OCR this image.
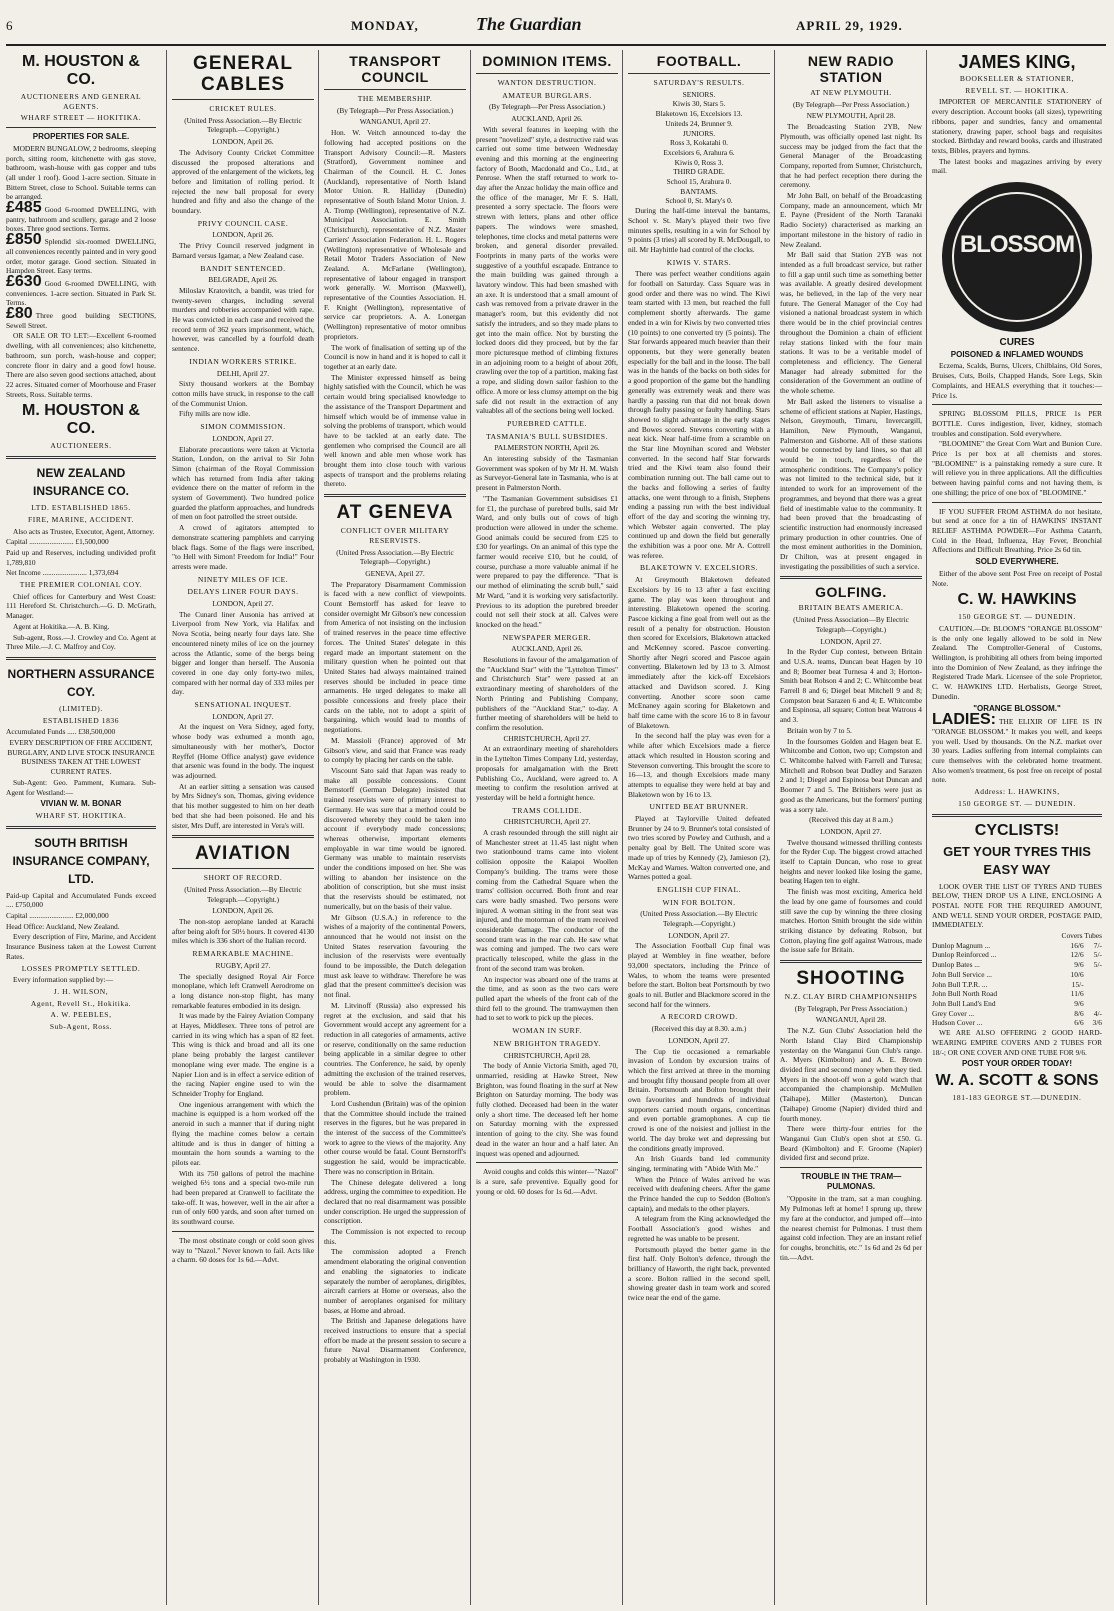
6	MONDAY,	The Guardian	APRIL 29, 1929.
M. HOUSTON & CO.
AUCTIONEERS AND GENERAL AGENTS.
WHARF STREET — HOKITIKA.
PROPERTIES FOR SALE.

MODERN BUNGALOW, 2 bedrooms, sleeping porch, sitting room, kitchenette with gas stove, bathroom, wash-house with gas copper and tubs (all under 1 roof). Good 1-acre section. Situate in Bittern Street, close to School. Suitable terms can be arranged.

£485 Good 6-roomed DWELLING, with pantry, bathroom and scullery, garage and 2 loose boxes. Three good sections. Terms.

£850 Splendid six-roomed DWELLING, all conveniences recently painted and in very good order, motor garage. Good section. Situated in Hampden Street. Easy terms.

£630 Good 6-roomed DWELLING, with conveniences. 1-acre section. Situated in Park St. Terms.

£80 Three good building SECTIONS, Sewell Street.

OR SALE OR TO LET:—Excellent 6-roomed dwelling, with all conveniences; also kitchenette, bathroom, sun porch, wash-house and copper; concrete floor in dairy and a good fowl house. There are also seven good sections attached, about 22 acres. Situated corner of Moorhouse and Fraser Streets, Ross. Suitable terms.

M. HOUSTON & CO.
AUCTIONEERS.
NEW ZEALAND INSURANCE CO.
LTD. ESTABLISHED 1865.
FIRE, MARINE, ACCIDENT.

Also acts as Trustee, Executor, Agent, Attorney.

Capital ........................ £1,500,000

Paid up and Reserves, including undivided profit 1,789,810

Net Income ........................ 1,373,694

THE PREMIER COLONIAL COY.

Chief offices for Canterbury and West Coast: 111 Hereford St. Christchurch.—G. D. McGrath, Manager.

Agent at Hokitika.—A. B. King.

Sub-agent, Ross.—J. Crowley and Co. Agent at Three Mile.—J. C. Malfroy and Coy.

NORTHERN ASSURANCE COY.
(LIMITED).
ESTABLISHED 1836

Accumulated Funds ..... £38,500,000

EVERY DESCRIPTION OF FIRE ACCIDENT, BURGLARY, AND LIVE STOCK INSURANCE BUSINESS TAKEN AT THE LOWEST CURRENT RATES.

Sub-Agent: Geo. Pamment, Kumara. Sub-Agent for Westland:—

VIVIAN W. M. BONAR
WHARF ST. HOKITIKA.
SOUTH BRITISH INSURANCE COMPANY, LTD.

Paid-up Capital and Accumulated Funds exceed .... £750,000

Capital ........................ £2,000,000

Head Office: Auckland, New Zealand.

Every description of Fire, Marine, and Accident Insurance Business taken at the Lowest Current Rates.

LOSSES PROMPTLY SETTLED.

Every information supplied by:—

J. H. WILSON,
Agent, Revell St., Hokitika.
A. W. PEEBLES,
Sub-Agent, Ross.
GENERAL CABLES
CRICKET RULES.
(United Press Association.—By Electric Telegraph.—Copyright.)
LONDON, April 26.

The Advisory County Cricket Committee discussed the proposed alterations and approved of the enlargement of the wickets, leg before and limitation of rolling period. It rejected the new ball proposal for every hundred and fifty and also the change of the boundary.

PRIVY COUNCIL CASE.
LONDON, April 26.

The Privy Council reserved judgment in Barnard versus Igamar, a New Zealand case.

BANDIT SENTENCED.
BELGRADE, April 26.

Miloslav Kratovitch, a bandit, was tried for twenty-seven charges, including several murders and robberies accompanied with rape. He was convicted in each case and received the record term of 362 years imprisonment, which, however, was cancelled by a fourfold death sentence.

INDIAN WORKERS STRIKE.
DELHI, April 27.

Sixty thousand workers at the Bombay cotton mills have struck, in response to the call of the Communist Union.

Fifty mills are now idle.

SIMON COMMISSION.
LONDON, April 27.

Elaborate precautions were taken at Victoria Station, London, on the arrival to Sir John Simon (chairman of the Royal Commission which has returned from India after taking evidence there on the matter of reform in the system of Government). Two hundred police guarded the platform approaches, and hundreds of men on foot patrolled the street outside.

A crowd of agitators attempted to demonstrate scattering pamphlets and carrying black flags. Some of the flags were inscribed, "to Hell with Simon! Freedom for India!" Four arrests were made.

NINETY MILES OF ICE.
DELAYS LINER FOUR DAYS.
LONDON, April 27.

The Cunard liner Ausonia has arrived at Liverpool from New York, via Halifax and Nova Scotia, being nearly four days late. She encountered ninety miles of ice on the journey across the Atlantic, some of the bergs being bigger and longer than herself. The Ausonia covered in one day only forty-two miles, compared with her normal day of 333 miles per day.

SENSATIONAL INQUEST.
LONDON, April 27.

At the inquest on Vera Sidney, aged forty, whose body was exhumed a month ago, simultaneously with her mother's, Doctor Reyffel (Home Office analyst) gave evidence that arsenic was found in the body. The inquest was adjourned.

At an earlier sitting a sensation was caused by Mrs Sidney's son, Thomas, giving evidence that his mother suggested to him on her death bed that she had been poisoned. He and his sister, Mrs Duff, are interested in Vera's will.

AVIATION
SHORT OF RECORD.
(United Press Association.—By Electric Telegraph.—Copyright.)
LONDON, April 26.

The non-stop aeroplane landed at Karachi after being aloft for 50½ hours. It covered 4130 miles which is 336 short of the Italian record.

REMARKABLE MACHINE.
RUGBY, April 27.

The specially designed Royal Air Force monoplane, which left Cranwell Aerodrome on a long distance non-stop flight, has many remarkable features embodied in its design.

It was made by the Fairey Aviation Company at Hayes, Middlesex. Three tons of petrol are carried in its wing which has a span of 82 feet. This wing is thick and broad and all its one plane being probably the largest cantilever monoplane wing ever made. The engine is a Napier Lion and is in effect a service edition of the racing Napier engine used to win the Schneider Trophy for England.

One ingenious arrangement with which the machine is equipped is a horn worked off the aneroid in such a manner that if during night flying the machine comes below a certain altitude and is thus in danger of hitting a mountain the horn sounds a warning to the pilots ear.

With its 750 gallons of petrol the machine weighed 6½ tons and a special two-mile run had been prepared at Cranwell to facilitate the take-off. It was, however, well in the air after a run of only 600 yards, and soon after turned on its southward course.

The most obstinate cough or cold soon gives way to "Nazol." Never known to fail. Acts like a charm. 60 doses for 1s 6d.—Advt.

TRANSPORT COUNCIL
THE MEMBERSHIP.
(By Telegraph—Per Press Association.)
WANGANUI, April 27.

Hon. W. Veitch announced to-day the following had accepted positions on the Transport Advisory Council:—R. Masters (Stratford), Government nominee and Chairman of the Council. H. C. Jones (Auckland), representative of North Island Motor Union. R. Halliday (Dunedin) representative of South Island Motor Union. J. A. Tromp (Wellington), representative of N.Z. Municipal Association. E. Smith (Christchurch), representative of N.Z. Master Carriers' Association Federation. H. L. Rogers (Wellington) representative of Wholesale and Retail Motor Traders Association of New Zealand. A. McFarlane (Wellington), representative of labour engaged in transport work generally. W. Morrison (Maxwell), representative of the Counties Association. H. F. Knight (Wellington), representative of service car proprietors. A. A. Lonergan (Wellington) representative of motor omnibus proprietors.

The work of finalisation of setting up of the Council is now in hand and it is hoped to call it together at an early date.

The Minister expressed himself as being highly satisfied with the Council, which he was certain would bring specialised knowledge to the assistance of the Transport Department and himself which would be of immense value in solving the problems of transport, which would have to be tackled at an early date. The gentlemen who comprised the Council are all well known and able men whose work has brought them into close touch with various aspects of transport and the problems relating thereto.

AT GENEVA
CONFLICT OVER MILITARY RESERVISTS.
(United Press Association.—By Electric Telegraph—Copyright.)
GENEVA, April 27.

The Preparatory Disarmament Commission is faced with a new conflict of viewpoints. Count Bernstorff has asked for leave to consider overnight Mr Gibson's new concession from America of not insisting on the inclusion of trained reserves in the peace time effective forces. The United States' delegate in this regard made an important statement on the military question when he pointed out that United States had always maintained trained reserves should be included in peace time armaments. He urged delegates to make all possible concessions and freely place their cards on the table, not to adopt a spirit of bargaining, which would lead to months of negotiations.

M. Massioli (France) approved of Mr Gibson's view, and said that France was ready to comply by placing her cards on the table.

Viscount Sato said that Japan was ready to make all possible concessions. Count Bernstorff (German Delegate) insisted that trained reservists were of primary interest to Germany. He was sure that a method could be discovered whereby they could be taken into account if everybody made concessions; whereas otherwise, important elements employable in war time would be ignored. Germany was unable to maintain reservists under the conditions imposed on her. She was willing to abandon her insistence on the abolition of conscription, but she must insist that the reservists should be estimated, not numerically, but on the basis of their value.

Mr Gibson (U.S.A.) in reference to the wishes of a majority of the continental Powers, announced that he would not insist on the United States reservation favouring the inclusion of the reservists were eventually found to be impossible, the Dutch delegation must ask leave to withdraw. Therefore he was glad that the present committee's decision was not final.

M. Litvinoff (Russia) also expressed his regret at the exclusion, and said that his Government would accept any agreement for a reduction in all categories of armaments, active or reserve, conditionally on the same reduction being applicable in a similar degree to other countries. The Conference, he said, by openly admitting the exclusion of the trained reserves, would be able to solve the disarmament problem.

Lord Cushendun (Britain) was of the opinion that the Committee should include the trained reserves in the figures, but he was prepared in the interest of the success of the Committee's work to agree to the views of the majority. Any other course would be fatal. Count Bernstorff's suggestion he said, would be impracticable. There was no conscription in Britain.

The Chinese delegate delivered a long address, urging the committee to expedition. He declared that no real disarmament was possible under conscription. He urged the suppression of conscription.

The Commission is not expected to recoup this.

The commission adopted a French amendment elaborating the original convention and enabling the signatories to indicate separately the number of aeroplanes, dirigibles, aircraft carriers at Home or overseas, also the number of aeroplanes organised for military bases, at Home and abroad.

The British and Japanese delegations have received instructions to ensure that a special effort be made at the present session to secure a future Naval Disarmament Conference, probably at Washington in 1930.

DOMINION ITEMS.
WANTON DESTRUCTION.
AMATEUR BURGLARS.
(By Telegraph—Per Press Association.)
AUCKLAND, April 26.

With several features in keeping with the present "novelized" style, a destructive raid was carried out some time between Wednesday evening and this morning at the engineering factory of Booth, Macdonald and Co., Ltd., at Penrose. When the staff returned to work to-day after the Anzac holiday the main office and the office of the manager, Mr F. S. Hall, presented a sorry spectacle. The floors were strewn with letters, plans and other office papers. The windows were smashed, telephones, time clocks and metal patterns were broken, and general disorder prevailed. Footprints in many parts of the works were suggestive of a youthful escapade. Entrance to the main building was gained through a lavatory window. This had been smashed with an axe. It is understood that a small amount of cash was removed from a private drawer in the manager's room, but this evidently did not satisfy the intruders, and so they made plans to get into the main office. Not by bursting the locked doors did they proceed, but by the far more picturesque method of climbing fixtures in an adjoining room to a height of about 20ft, crawling over the top of a partition, making fast a rope, and sliding down sailor fashion to the office. A more or less clumsy attempt on the big safe did not result in the extraction of any valuables all of the sections being well locked.

PUREBRED CATTLE.
TASMANIA'S BULL SUBSIDIES.
PALMERSTON NORTH, April 26.

An interesting subsidy of the Tasmanian Government was spoken of by Mr H. M. Walsh as Surveyor-General late in Tasmania, who is at present in Palmerston North.

"The Tasmanian Government subsidises £1 for £1, the purchase of purebred bulls, said Mr Ward, and only bulls out of cows of high production were allowed in under the scheme. Good animals could be secured from £25 to £30 for yearlings. On an animal of this type the farmer would receive £10, but he could, of course, purchase a more valuable animal if he were prepared to pay the difference. "That is our method of eliminating the scrub bull," said Mr Ward, "and it is working very satisfactorily. Previous to its adoption the purebred breeder could not sell their stock at all. Calves were knocked on the head."

NEWSPAPER MERGER.
AUCKLAND, April 26.

Resolutions in favour of the amalgamation of the "Auckland Star" with the "Lyttelton Times" and Christchurch Star" were passed at an extraordinary meeting of shareholders of the North Printing and Publishing Company, publishers of the "Auckland Star," to-day. A further meeting of shareholders will be held to confirm the resolution.

CHRISTCHURCH, April 27.

At an extraordinary meeting of shareholders in the Lyttelton Times Company Ltd, yesterday, proposals for amalgamation with the Brett Publishing Co., Auckland, were agreed to. A meeting to confirm the resolution arrived at yesterday will be held a fortnight hence.

TRAMS COLLIDE.
CHRISTCHURCH, April 27.

A crash resounded through the still night air of Manchester street at 11.45 last night when two stationbound trams came into violent collision opposite the Kaiapoi Woollen Company's building. The trams were those coming from the Cathedral Square when the trams' collision occurred. Both front and rear cars were badly smashed. Two persons were injured. A woman sitting in the front seat was injured, and the motorman of the tram received considerable damage. The conductor of the second tram was in the rear cab. He saw what was coming and jumped. The two cars were practically telescoped, while the glass in the front of the second tram was broken.

An inspector was aboard one of the trams at the time, and as soon as the two cars were pulled apart the wheels of the front cab of the third fell to the ground. The tramwaymen then had to set to work to pick up the pieces.

WOMAN IN SURF.
NEW BRIGHTON TRAGEDY.
CHRISTCHURCH, April 28.

The body of Annie Victoria Smith, aged 70, unmarried, residing at Hawke Street, New Brighton, was found floating in the surf at New Brighton on Saturday morning. The body was fully clothed. Deceased had been in the water only a short time. The deceased left her home on Saturday morning with the expressed intention of going to the city. She was found dead in the water an hour and a half later. An inquest was opened and adjourned.

Avoid coughs and colds this winter—"Nazol" is a sure, safe preventive. Equally good for young or old. 60 doses for 1s 6d.—Advt.

FOOTBALL.
SATURDAY'S RESULTS.
SENIORS.
Kiwis 30, Stars 5.
Blaketown 16, Excelsiors 13.
Uniteds 24, Brunner 9.
JUNIORS.
Ross 3, Kokatahi 0.
Excelsiors 6, Arahura 6.
Kiwis 0, Ross 3.
THIRD GRADE.
School 15, Arahura 0.
BANTAMS.
School 0, St. Mary's 0.

During the half-time interval the bantams, School v. St. Mary's played their two five minutes spells, resulting in a win for School by 9 points (3 tries) all scored by R. McDougall, to nil. Mr Hayhittle had control of the clocks.

KIWIS V. STARS.

There was perfect weather conditions again for football on Saturday. Cass Square was in good order and there was no wind. The Kiwi team started with 13 men, but reached the full complement shortly afterwards. The game ended in a win for Kiwis by two converted tries (10 points) to one converted try (5 points). The Star forwards appeared much heavier than their opponents, but they were generally beaten especially for the ball and in the loose. The ball was in the hands of the backs on both sides for a good proportion of the game but the handling generally was extremely weak and there was hardly a passing run that did not break down through faulty passing or faulty handling. Stars showed to slight advantage in the early stages and Bowes scored. Stevens converting with a neat kick. Near half-time from a scramble on the Star line Moynihan scored and Webster converted. In the second half Star forwards tried and the Kiwi team also found their combination running out. The ball came out to the backs and following a series of faulty attacks, one went through to a finish, Stephens ending a passing run with the best individual effort of the day and scoring the winning try, which Webster again converted. The play continued up and down the field but generally the exhibition was a poor one. Mr A. Cottrell was referee.

BLAKETOWN V. EXCELSIORS.

At Greymouth Blaketown defeated Excelsiors by 16 to 13 after a fast exciting game. The play was keen throughout and interesting. Blaketown opened the scoring. Pascoe kicking a fine goal from well out as the result of a penalty for obstruction. Houston then scored for Excelsiors, Blaketown attacked and McKenney scored. Pascoe converting. Shortly after Negri scored and Pascoe again converting. Blaketown led by 13 to 3. Almost immediately after the kick-off Excelsiors attacked and Davidson scored. J. King converting. Another score soon came McEnaney again scoring for Blaketown and half time came with the score 16 to 8 in favour of Blaketown.

In the second half the play was even for a while after which Excelsiors made a fierce attack which resulted in Houston scoring and Stevenson converting. This brought the score to 16—13, and though Excelsiors made many attempts to equalise they were held at bay and Blaketown won by 16 to 13.

UNITED BEAT BRUNNER.

Played at Taylorville United defeated Brunner by 24 to 9. Brunner's total consisted of two tries scored by Powley and Cuthush, and a penalty goal by Bell. The United score was made up of tries by Kennedy (2), Jamieson (2), McKay and Warnes. Walton converted one, and Warnes potted a goal.

ENGLISH CUP FINAL.
WIN FOR BOLTON.
(United Press Association.—By Electric Telegraph.—Copyright.)
LONDON, April 27.

The Association Football Cup final was played at Wembley in fine weather, before 93,000 spectators, including the Prince of Wales, to whom the teams were presented before the start. Bolton beat Portsmouth by two goals to nil. Butler and Blackmore scored in the second half for the winners.

A RECORD CROWD.
(Received this day at 8.30. a.m.)
LONDON, April 27.

The Cup tie occasioned a remarkable invasion of London by excursion trains of which the first arrived at three in the morning and brought fifty thousand people from all over Britain. Portsmouth and Bolton brought their own favourites and hundreds of individual supporters carried mouth organs, concertinas and even portable gramophones. A cup tie crowd is one of the noisiest and jolliest in the world. The day broke wet and depressing but the conditions greatly improved.

An Irish Guards band led community singing, terminating with "Abide With Me."

When the Prince of Wales arrived he was received with deafening cheers. After the game the Prince handed the cup to Seddon (Bolton's captain), and medals to the other players.

A telegram from the King acknowledged the Football Association's good wishes and regretted he was unable to be present.

Portsmouth played the better game in the first half. Only Bolton's defence, through the brilliancy of Haworth, the right back, prevented a score. Bolton rallied in the second spell, showing greater dash in team work and scored twice near the end of the game.

NEW RADIO STATION
AT NEW PLYMOUTH.
(By Telegraph—Per Press Association.)
NEW PLYMOUTH, April 28.

The Broadcasting Station 2YB, New Plymouth, was officially opened last night. Its success may be judged from the fact that the General Manager of the Broadcasting Company, reported from Sumner, Christchurch, that he had perfect reception there during the ceremony.

Mr John Ball, on behalf of the Broadcasting Company, made an announcement, which Mr E. Payne (President of the North Taranaki Radio Society) characterised as marking an important milestone in the history of radio in New Zealand.

Mr Ball said that Station 2YB was not intended as a full broadcast service, but rather to fill a gap until such time as something better was available. A greatly desired development was, he believed, in the lap of the very near future. The General Manager of the Coy had visioned a national broadcast system in which there would be in the chief provincial centres throughout the Dominion a chain of efficient relay stations linked with the four main stations. It was to be a veritable model of completeness and efficiency. The General Manager had already submitted for the consideration of the Government an outline of the whole scheme.

Mr Ball asked the listeners to visualise a scheme of efficient stations at Napier, Hastings, Nelson, Greymouth, Timaru, Invercargill, Hamilton, New Plymouth, Wanganui, Palmerston and Gisborne. All of these stations would be connected by land lines, so that all would be in touch, regardless of the atmospheric conditions. The Company's policy was not limited to the technical side, but it intended to work for an improvement of the programmes, and beyond that there was a great field of inestimable value to the community. It had been proved that the broadcasting of scientific instruction had enormously increased primary production in other countries. One of the most eminent authorities in the Dominion, Dr Chilton, was at present engaged in investigating the possibilities of such a service.

GOLFING.
BRITAIN BEATS AMERICA.
(United Press Association—By Electric Telegraph—Copyright.)
LONDON, April 27.

In the Ryder Cup contest, between Britain and U.S.A. teams, Duncan beat Hagen by 10 and 8; Boomer beat Turnesa 4 and 3; Horton-Smith beat Robson 4 and 2; C. Whitcombe beat Farrell 8 and 6; Diegel beat Mitchell 9 and 8; Compston beat Sarazen 6 and 4; E. Whitcombe and Espinosa, all square; Cotton beat Watrous 4 and 3.

Britain won by 7 to 5.

In the foursomes Golden and Hagen beat E. Whitcombe and Cotton, two up; Compston and C. Whitcombe halved with Farrell and Turesa; Mitchell and Robson beat Dudley and Sarazen 2 and 1; Diegel and Espinosa beat Duncan and Boomer 7 and 5. The Britishers were just as good as the Americans, but the formers' putting was a sorry tale.

(Received this day at 8 a.m.)
LONDON, April 27.

Twelve thousand witnessed thrilling contests for the Ryder Cup. The biggest crowd attached itself to Captain Duncan, who rose to great heights and never looked like losing the game, beating Hagen ten to eight.

The finish was most exciting, America held the lead by one game of foursomes and could still save the cup by winning the three closing matches. Horton Smith brought the side within striking distance by defeating Robson, but Cotton, playing fine golf against Watrous, made the issue safe for Britain.

SHOOTING
N.Z. CLAY BIRD CHAMPIONSHIPS
(By Telegraph, Per Press Association.)
WANGANUI, April 28.

The N.Z. Gun Clubs' Association held the North Island Clay Bird Championship yesterday on the Wanganui Gun Club's range. A. Myers (Kimbolton) and A. E. Brown divided first and second money when they tied. Myers in the shoot-off won a gold watch that accompanied the championship. McMullen (Taihape), Miller (Masterton), Duncan (Taihape) Groome (Napier) divided third and fourth money.

There were thirty-four entries for the Wanganui Gun Club's open shot at £50. G. Beard (Kimbolton) and F. Groome (Napier) divided first and second prize.

TROUBLE IN THE TRAM—PULMONAS.

"Opposite in the tram, sat a man coughing. My Pulmonas left at home! I sprung up, threw my fare at the conductor, and jumped off—into the nearest chemist for Pulmonas. I trust them against cold infection. They are an instant relief for coughs, bronchitis, etc." 1s 6d and 2s 6d per tin.—Advt.

JAMES KING,
BOOKSELLER & STATIONER,
REVELL ST. — HOKITIKA.

IMPORTER OF MERCANTILE STATIONERY of every description. Account books (all sizes), typewriting ribbons, paper and sundries, fancy and ornamental stationery, drawing paper, school bags and requisites stocked. Birthday and reward books, cards and illustrated texts, Bibles, prayers and hymns.

The latest books and magazines arriving by every mail.

BLOSSOM
CURES
POISONED & INFLAMED WOUNDS

Eczema, Scalds, Burns, Ulcers, Chilblains, Old Sores, Bruises, Cuts, Boils, Chapped Hands, Sore Legs, Skin Complaints, and HEALS everything that it touches:—Price 1s.

SPRING BLOSSOM PILLS, PRICE 1s PER BOTTLE. Cures indigestion, liver, kidney, stomach troubles and constipation. Sold everywhere.

"BLOOMINE" the Great Corn Wart and Bunion Cure. Price 1s per box at all chemists and stores. "BLOOMINE" is a painstaking remedy a sure cure. It will relieve you in three applications. All the difficulties between having painful corns and not having them, is one shilling; the price of one box of "BLOOMINE."

IF YOU SUFFER FROM ASTHMA do not hesitate, but send at once for a tin of HAWKINS' INSTANT RELIEF ASTHMA POWDER—For Asthma Catarrh, Cold in the Head, Influenza, Hay Fever, Bronchial Affections and Difficult Breathing. Price 2s 6d tin.

SOLD EVERYWHERE.

Either of the above sent Post Free on receipt of Postal Note.

C. W. HAWKINS
150 GEORGE ST. — DUNEDIN.

CAUTION.—Dr. BLOOM'S "ORANGE BLOSSOM" is the only one legally allowed to be sold in New Zealand. The Comptroller-General of Customs, Wellington, is prohibiting all others from being imported into the Dominion of New Zealand, as they infringe the Registered Trade Mark. Licensee of the sole Proprietor, C. W. HAWKINS LTD. Herbalists, George Street, Dunedin.

"ORANGE BLOSSOM."

LADIES: THE ELIXIR OF LIFE IS IN "ORANGE BLOSSOM." It makes you well, and keeps you well. Used by thousands. On the N.Z. market over 30 years. Ladies suffering from internal complaints can cure themselves with the celebrated home treatment. Also women's treatment, 6s post free on receipt of postal note.

Address: L. HAWKINS,
150 GEORGE ST. — DUNEDIN.
CYCLISTS!
GET YOUR TYRES THIS EASY WAY

LOOK OVER THE LIST OF TYRES AND TUBES BELOW, THEN DROP US A LINE, ENCLOSING A POSTAL NOTE FOR THE REQUIRED AMOUNT, AND WE'LL SEND YOUR ORDER, POSTAGE PAID, IMMEDIATELY.

Covers Tubes
Dunlop Magnum ...	16/6	7/-
Dunlop Reinforced ...	12/6	5/-
Dunlop Bates ...	9/6	5/-
John Bull Service ...	10/6	
John Bull T.P.R. ...	15/-	
John Bull North Road	11/6	
John Bull Land's End	9/6	
Grey Cover ...	8/6	4/-
Hudson Cover ...	6/6	3/6

WE ARE ALSO OFFERING 2 GOOD HARD-WEARING EMPIRE COVERS AND 2 TUBES FOR 18/-; OR ONE COVER AND ONE TUBE FOR 9/6.

POST YOUR ORDER TODAY!
W. A. SCOTT & SONS
181-183 GEORGE ST.—DUNEDIN.
